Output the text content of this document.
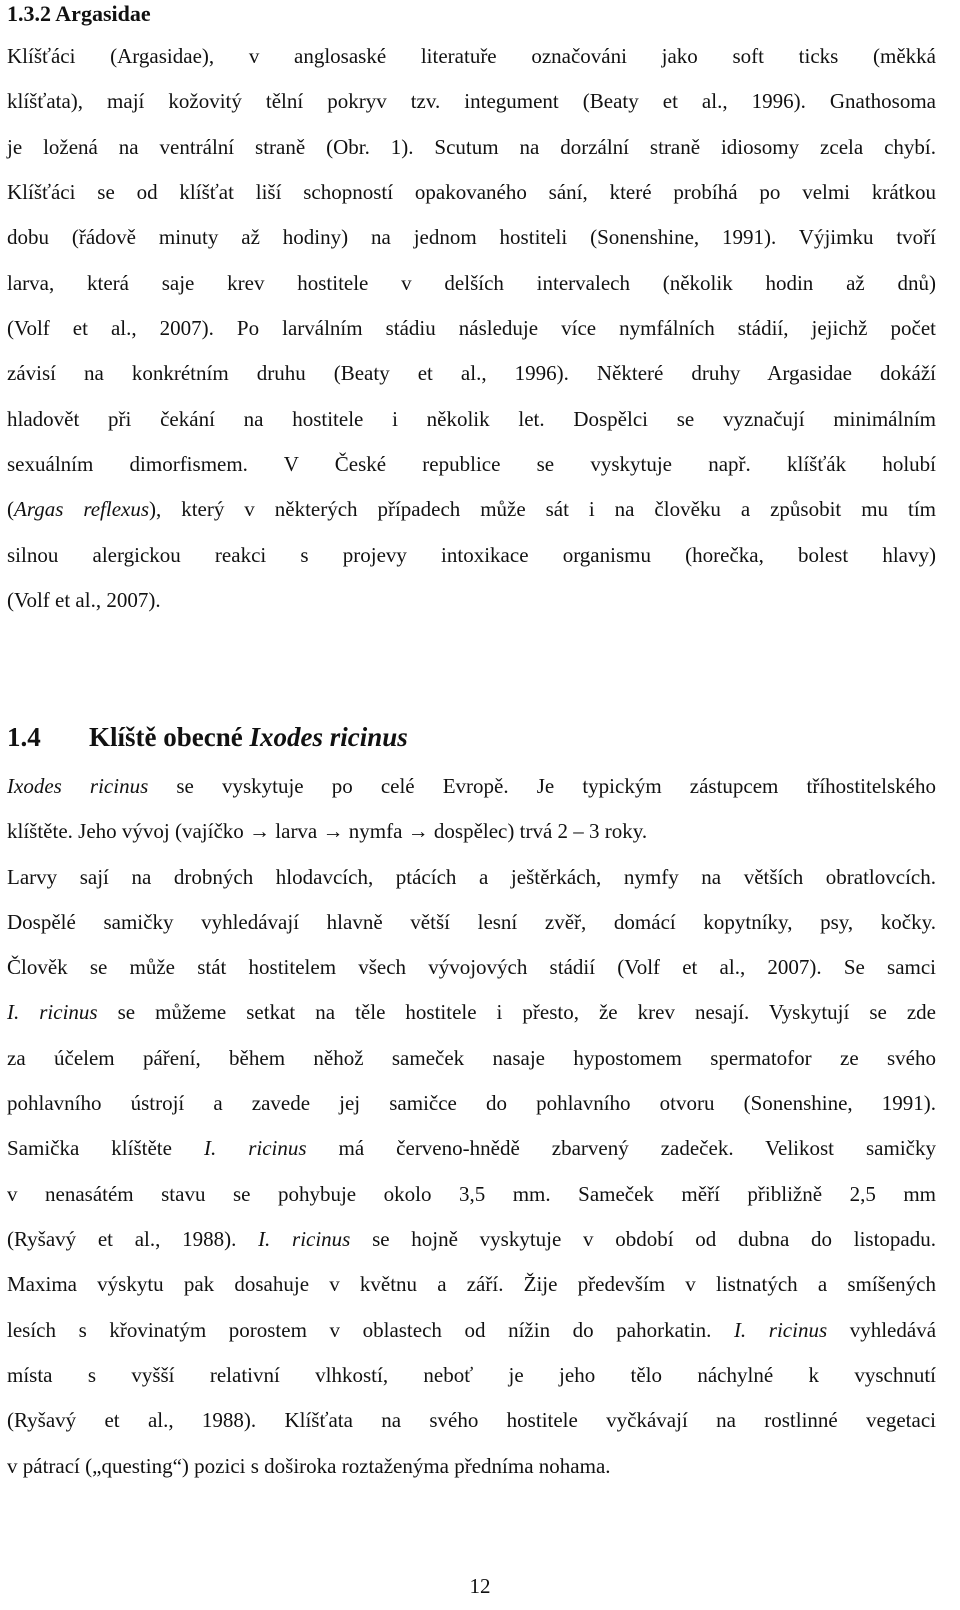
1.3.2 Argasidae
Klíšťáci (Argasidae), v anglosaské literatuře označováni jako soft ticks (měkká
klíšťata), mají kožovitý tělní pokryv tzv. integument (Beaty et al., 1996). Gnathosoma
je ložená na ventrální straně (Obr. 1). Scutum na dorzální straně idiosomy zcela chybí.
Klíšťáci se od klíšťat liší schopností opakovaného sání, které probíhá po velmi krátkou
dobu (řádově minuty až hodiny) na jednom hostiteli (Sonenshine, 1991). Výjimku tvoří
larva, která saje krev hostitele v delších intervalech (několik hodin až dnů)
(Volf et al., 2007). Po larválním stádiu následuje více nymfálních stádií, jejichž počet
závisí na konkrétním druhu (Beaty et al., 1996). Některé druhy Argasidae dokáží
hladovět při čekání na hostitele i několik let. Dospělci se vyznačují minimálním
sexuálním dimorfismem. V České republice se vyskytuje např. klíšťák holubí
(Argas reflexus), který v některých případech může sát i na člověku a způsobit mu tím
silnou alergickou reakci s projevy intoxikace organismu (horečka, bolest hlavy)
(Volf et al., 2007).
1.4 Klíště obecné Ixodes ricinus
Ixodes ricinus se vyskytuje po celé Evropě. Je typickým zástupcem tříhostitelského
klíštěte. Jeho vývoj (vajíčko → larva → nymfa → dospělec) trvá 2 – 3 roky.
Larvy sají na drobných hlodavcích, ptácích a ještěrkách, nymfy na větších obratlovcích.
Dospělé samičky vyhledávají hlavně větší lesní zvěř, domácí kopytníky, psy, kočky.
Člověk se může stát hostitelem všech vývojových stádií (Volf et al., 2007). Se samci
I. ricinus se můžeme setkat na těle hostitele i přesto, že krev nesají. Vyskytují se zde
za účelem páření, během něhož sameček nasaje hypostomem spermatofor ze svého
pohlavního ústrojí a zavede jej samičce do pohlavního otvoru (Sonenshine, 1991).
Samička klíštěte I. ricinus má červeno-hnědě zbarvený zadeček. Velikost samičky
v nenasátém stavu se pohybuje okolo 3,5 mm. Sameček měří přibližně 2,5 mm
(Ryšavý et al., 1988). I. ricinus se hojně vyskytuje v období od dubna do listopadu.
Maxima výskytu pak dosahuje v květnu a září. Žije především v listnatých a smíšených
lesích s křovinatým porostem v oblastech od nížin do pahorkatin. I. ricinus vyhledává
místa s vyšší relativní vlhkostí, neboť je jeho tělo náchylné k vyschnutí
(Ryšavý et al., 1988). Klíšťata na svého hostitele vyčkávají na rostlinné vegetaci
v pátrací („questing“) pozici s doširoka roztaženýma předníma nohama.
12
